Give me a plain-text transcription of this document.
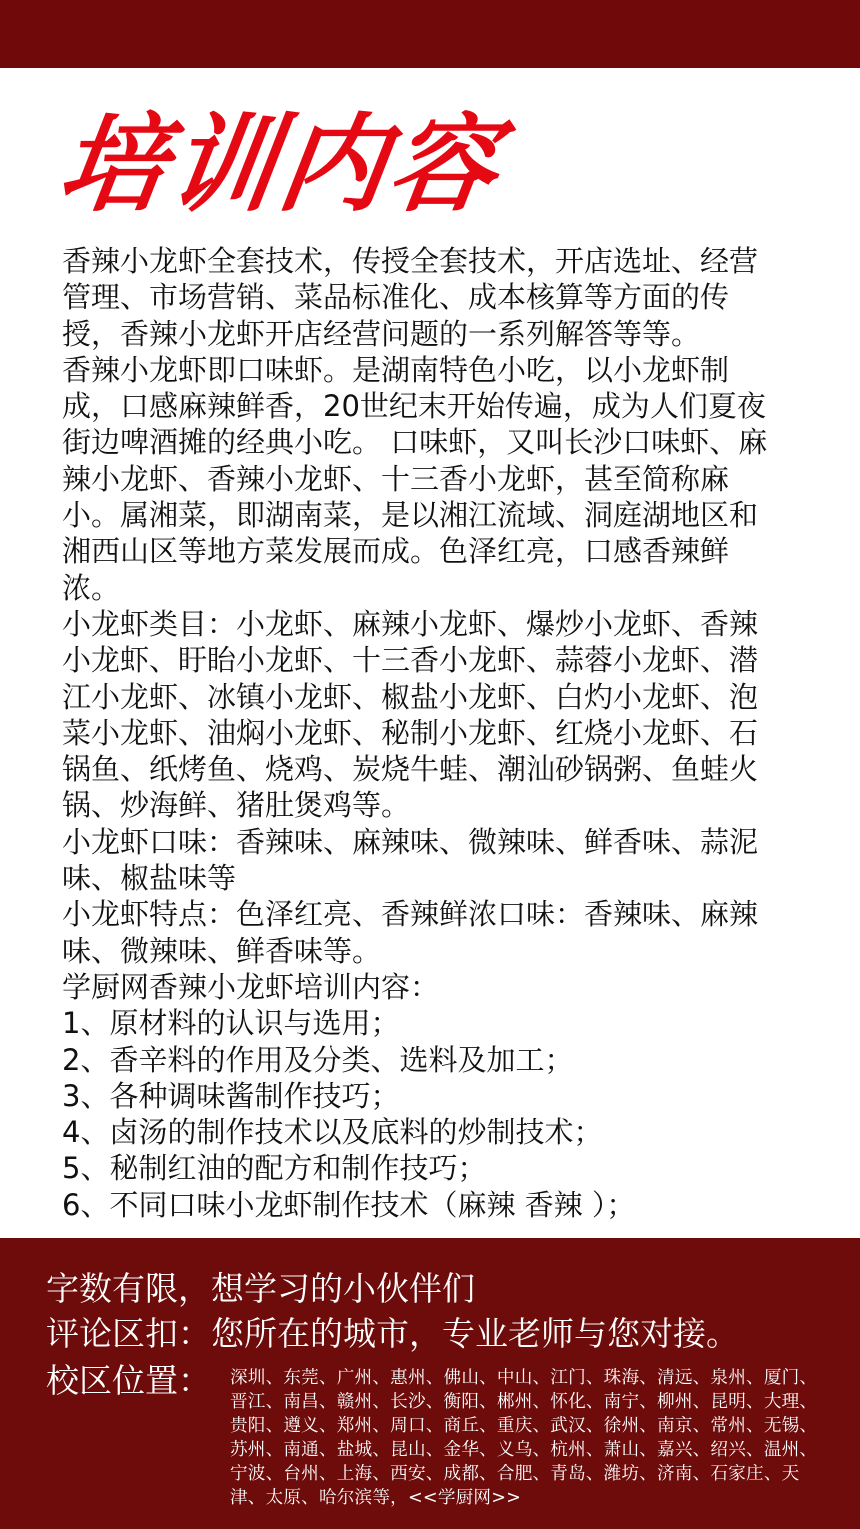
培训内容

香辣小龙虾全套技术，传授全套技术，开店选址、经营管理、市场营销、菜品标准化、成本核算等方面的传授，香辣小龙虾开店经营问题的一系列解答等等。

香辣小龙虾即口味虾。是湖南特色小吃，以小龙虾制成，口感麻辣鲜香，20世纪末开始传遍，成为人们夏夜街边啤酒摊的经典小吃。 口味虾，又叫长沙口味虾、麻辣小龙虾、香辣小龙虾、十三香小龙虾，甚至简称麻小。属湘菜，即湖南菜，是以湘江流域、洞庭湖地区和湘西山区等地方菜发展而成。色泽红亮，口感香辣鲜浓。

小龙虾类目：小龙虾、麻辣小龙虾、爆炒小龙虾、香辣小龙虾、盱眙小龙虾、十三香小龙虾、蒜蓉小龙虾、潜江小龙虾、冰镇小龙虾、椒盐小龙虾、白灼小龙虾、泡菜小龙虾、油焖小龙虾、秘制小龙虾、红烧小龙虾、石锅鱼、纸烤鱼、烧鸡、炭烧牛蛙、潮汕砂锅粥、鱼蛙火锅、炒海鲜、猪肚煲鸡等。

小龙虾口味：香辣味、麻辣味、微辣味、鲜香味、蒜泥味、椒盐味等

小龙虾特点：色泽红亮、香辣鲜浓口味：香辣味、麻辣味、微辣味、鲜香味等。

学厨网香辣小龙虾培训内容：

1、原材料的认识与选用；

2、香辛料的作用及分类、选料及加工；

3、各种调味酱制作技巧；

4、卤汤的制作技术以及底料的炒制技术；

5、秘制红油的配方和制作技巧；

6、不同口味小龙虾制作技术（麻辣 香辣 ）；

字数有限，想学习的小伙伴们
评论区扣：您所在的城市，专业老师与您对接。
校区位置： 深圳、东莞、广州、惠州、佛山、中山、江门、珠海、清远、泉州、厦门、晋江、南昌、赣州、长沙、衡阳、郴州、怀化、南宁、柳州、昆明、大理、贵阳、遵义、郑州、周口、商丘、重庆、武汉、徐州、南京、常州、无锡、苏州、南通、盐城、昆山、金华、义乌、杭州、萧山、嘉兴、绍兴、温州、宁波、台州、上海、西安、成都、合肥、青岛、潍坊、济南、石家庄、天津、太原、哈尔滨等，<<学厨网>>
